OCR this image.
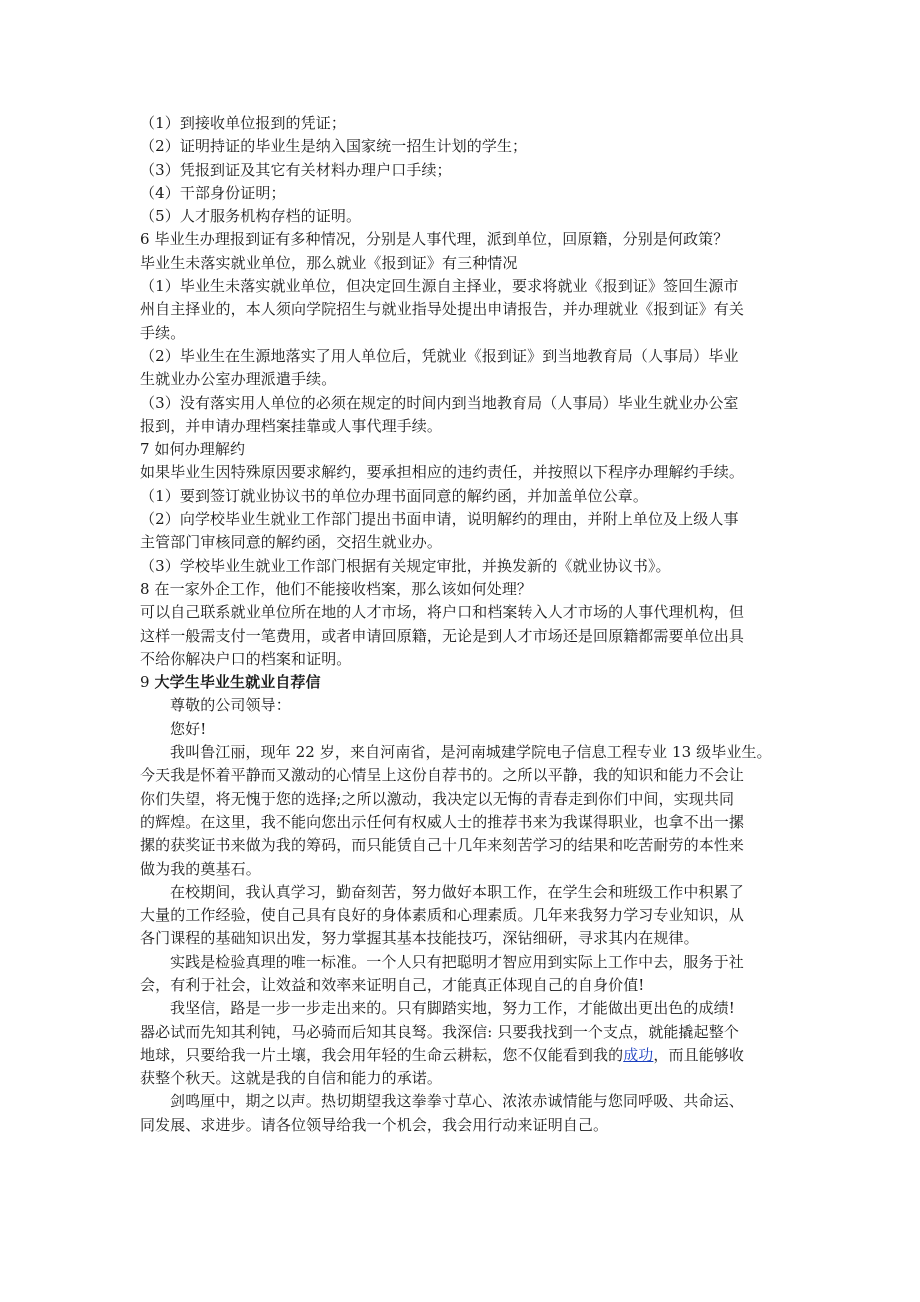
（1）到接收单位报到的凭证；
（2）证明持证的毕业生是纳入国家统一招生计划的学生；
（3）凭报到证及其它有关材料办理户口手续；
（4）干部身份证明；
（5）人才服务机构存档的证明。
6 毕业生办理报到证有多种情况，分别是人事代理，派到单位，回原籍，分别是何政策？
毕业生未落实就业单位，那么就业《报到证》有三种情况
（1）毕业生未落实就业单位，但决定回生源自主择业，要求将就业《报到证》签回生源市
州自主择业的，本人须向学院招生与就业指导处提出申请报告，并办理就业《报到证》有关
手续。
（2）毕业生在生源地落实了用人单位后，凭就业《报到证》到当地教育局（人事局）毕业
生就业办公室办理派遣手续。
（3）没有落实用人单位的必须在规定的时间内到当地教育局（人事局）毕业生就业办公室
报到，并申请办理档案挂靠或人事代理手续。
7 如何办理解约
如果毕业生因特殊原因要求解约，要承担相应的违约责任，并按照以下程序办理解约手续。
（1）要到签订就业协议书的单位办理书面同意的解约函，并加盖单位公章。
（2）向学校毕业生就业工作部门提出书面申请，说明解约的理由，并附上单位及上级人事
主管部门审核同意的解约函，交招生就业办。
（3）学校毕业生就业工作部门根据有关规定审批，并换发新的《就业协议书》。
8 在一家外企工作，他们不能接收档案，那么该如何处理？
可以自己联系就业单位所在地的人才市场，将户口和档案转入人才市场的人事代理机构，但
这样一般需支付一笔费用，或者申请回原籍，无论是到人才市场还是回原籍都需要单位出具
不给你解决户口的档案和证明。
9 大学生毕业生就业自荐信
尊敬的公司领导：
您好!
我叫鲁江丽，现年 22 岁，来自河南省，是河南城建学院电子信息工程专业 13 级毕业生。
今天我是怀着平静而又激动的心情呈上这份自荐书的。之所以平静，我的知识和能力不会让
你们失望，将无愧于您的选择;之所以激动，我决定以无悔的青春走到你们中间，实现共同
的辉煌。在这里，我不能向您出示任何有权威人士的推荐书来为我谋得职业，也拿不出一摞
摞的获奖证书来做为我的筹码，而只能赁自己十几年来刻苦学习的结果和吃苦耐劳的本性来
做为我的奠基石。
在校期间，我认真学习，勤奋刻苦，努力做好本职工作，在学生会和班级工作中积累了
大量的工作经验，使自己具有良好的身体素质和心理素质。几年来我努力学习专业知识，从
各门课程的基础知识出发，努力掌握其基本技能技巧，深钻细研，寻求其内在规律。
实践是检验真理的唯一标准。一个人只有把聪明才智应用到实际上工作中去，服务于社
会，有利于社会，让效益和效率来证明自己，才能真正体现自己的自身价值!
我坚信，路是一步一步走出来的。只有脚踏实地，努力工作，才能做出更出色的成绩!
器必试而先知其利钝，马必骑而后知其良驽。我深信: 只要我找到一个支点，就能撬起整个
地球，只要给我一片土壤，我会用年轻的生命云耕耘，您不仅能看到我的成功，而且能够收
获整个秋天。这就是我的自信和能力的承诺。
剑鸣厘中，期之以声。热切期望我这拳拳寸草心、浓浓赤诚情能与您同呼吸、共命运、
同发展、求进步。请各位领导给我一个机会，我会用行动来证明自己。
